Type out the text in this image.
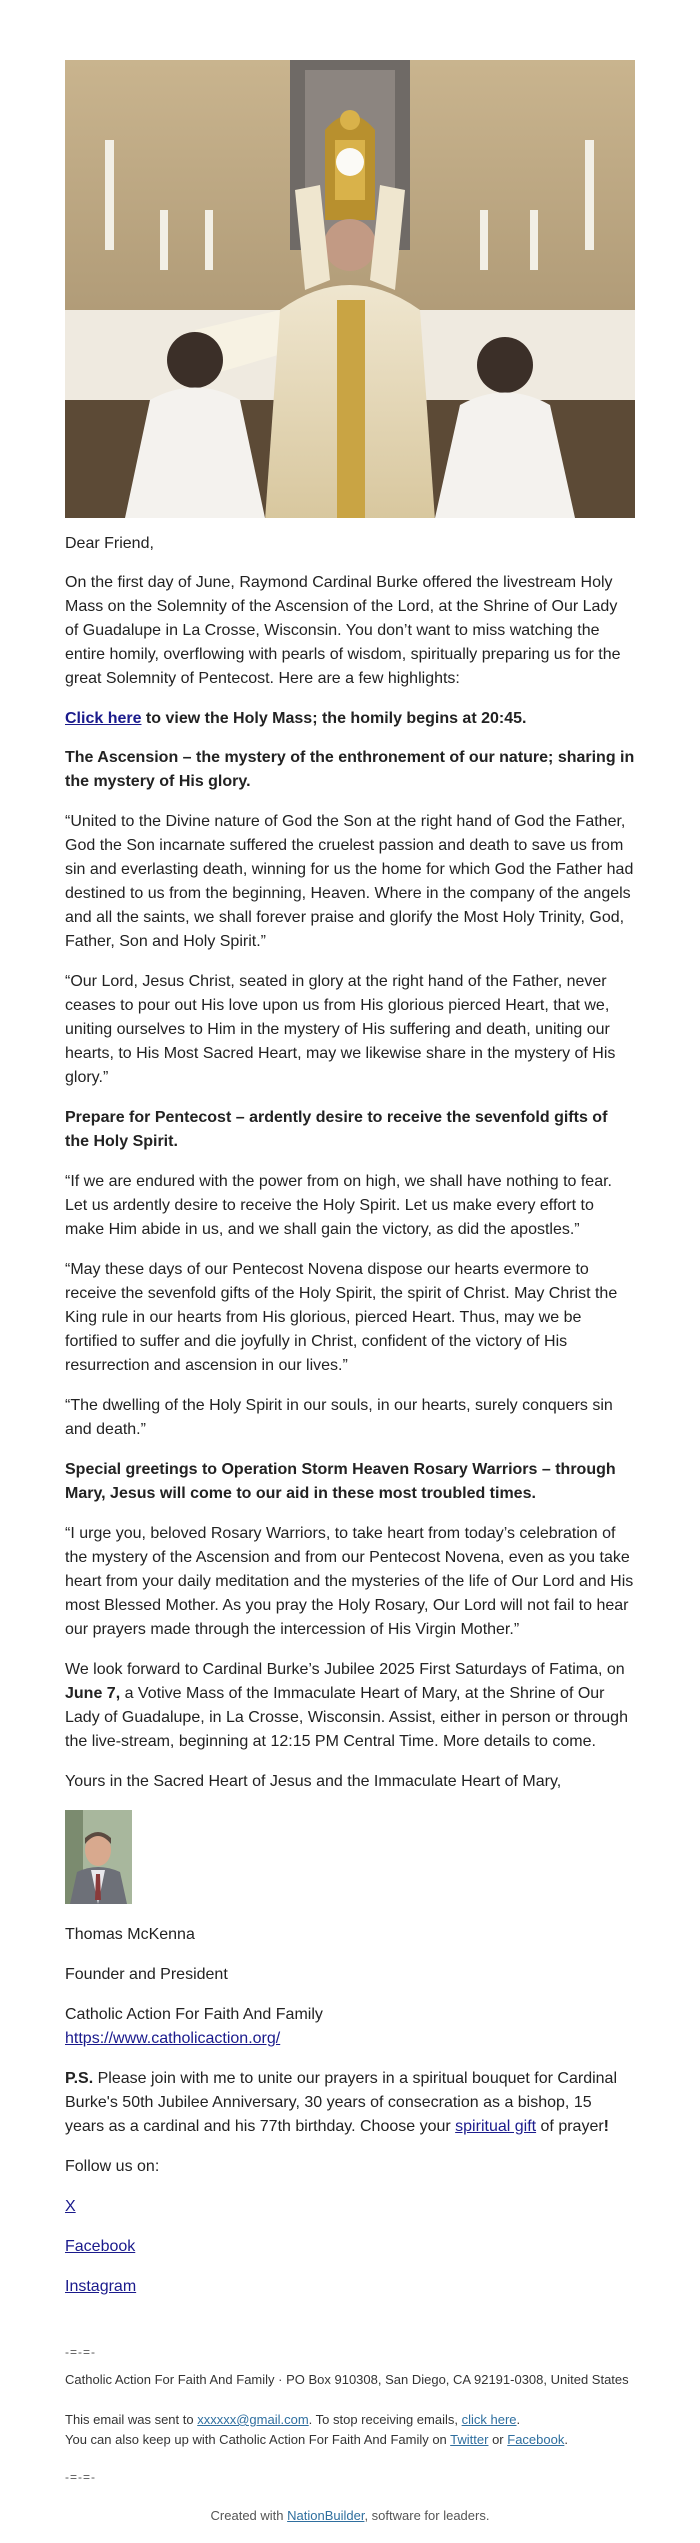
Dear Friend,

On the first day of June, Raymond Cardinal Burke offered the livestream Holy Mass on the Solemnity of the Ascension of the Lord, at the Shrine of Our Lady of Guadalupe in La Crosse, Wisconsin. You don’t want to miss watching the entire homily, overflowing with pearls of wisdom, spiritually preparing us for the great Solemnity of Pentecost. Here are a few highlights:

Click here to view the Holy Mass; the homily begins at 20:45.

The Ascension – the mystery of the enthronement of our nature; sharing in the mystery of His glory.

“United to the Divine nature of God the Son at the right hand of God the Father, God the Son incarnate suffered the cruelest passion and death to save us from sin and everlasting death, winning for us the home for which God the Father had destined to us from the beginning, Heaven. Where in the company of the angels and all the saints, we shall forever praise and glorify the Most Holy Trinity, God, Father, Son and Holy Spirit.”

“Our Lord, Jesus Christ, seated in glory at the right hand of the Father, never ceases to pour out His love upon us from His glorious pierced Heart, that we, uniting ourselves to Him in the mystery of His suffering and death, uniting our hearts, to His Most Sacred Heart, may we likewise share in the mystery of His glory.”

Prepare for Pentecost – ardently desire to receive the sevenfold gifts of the Holy Spirit.

“If we are endured with the power from on high, we shall have nothing to fear. Let us ardently desire to receive the Holy Spirit. Let us make every effort to make Him abide in us, and we shall gain the victory, as did the apostles.”

“May these days of our Pentecost Novena dispose our hearts evermore to receive the sevenfold gifts of the Holy Spirit, the spirit of Christ. May Christ the King rule in our hearts from His glorious, pierced Heart. Thus, may we be fortified to suffer and die joyfully in Christ, confident of the victory of His resurrection and ascension in our lives.”

“The dwelling of the Holy Spirit in our souls, in our hearts, surely conquers sin and death.”

Special greetings to Operation Storm Heaven Rosary Warriors – through Mary, Jesus will come to our aid in these most troubled times.

“I urge you, beloved Rosary Warriors, to take heart from today’s celebration of the mystery of the Ascension and from our Pentecost Novena, even as you take heart from your daily meditation and the mysteries of the life of Our Lord and His most Blessed Mother. As you pray the Holy Rosary, Our Lord will not fail to hear our prayers made through the intercession of His Virgin Mother.”

We look forward to Cardinal Burke’s Jubilee 2025 First Saturdays of Fatima, on June 7, a Votive Mass of the Immaculate Heart of Mary, at the Shrine of Our Lady of Guadalupe, in La Crosse, Wisconsin. Assist, either in person or through the live-stream, beginning at 12:15 PM Central Time. More details to come.

Yours in the Sacred Heart of Jesus and the Immaculate Heart of Mary,

Thomas McKenna

Founder and President

Catholic Action For Faith And Family

https://www.catholicaction.org/

P.S. Please join with me to unite our prayers in a spiritual bouquet for Cardinal Burke's 50th Jubilee Anniversary, 30 years of consecration as a bishop, 15 years as a cardinal and his 77th birthday. Choose your spiritual gift of prayer!

Follow us on:

X

Facebook

Instagram

-=-=-

Catholic Action For Faith And Family · PO Box 910308, San Diego, CA 92191-0308, United States

This email was sent to xxxxxx@gmail.com. To stop receiving emails, click here.

You can also keep up with Catholic Action For Faith And Family on Twitter or Facebook.

-=-=-

Created with NationBuilder, software for leaders.
